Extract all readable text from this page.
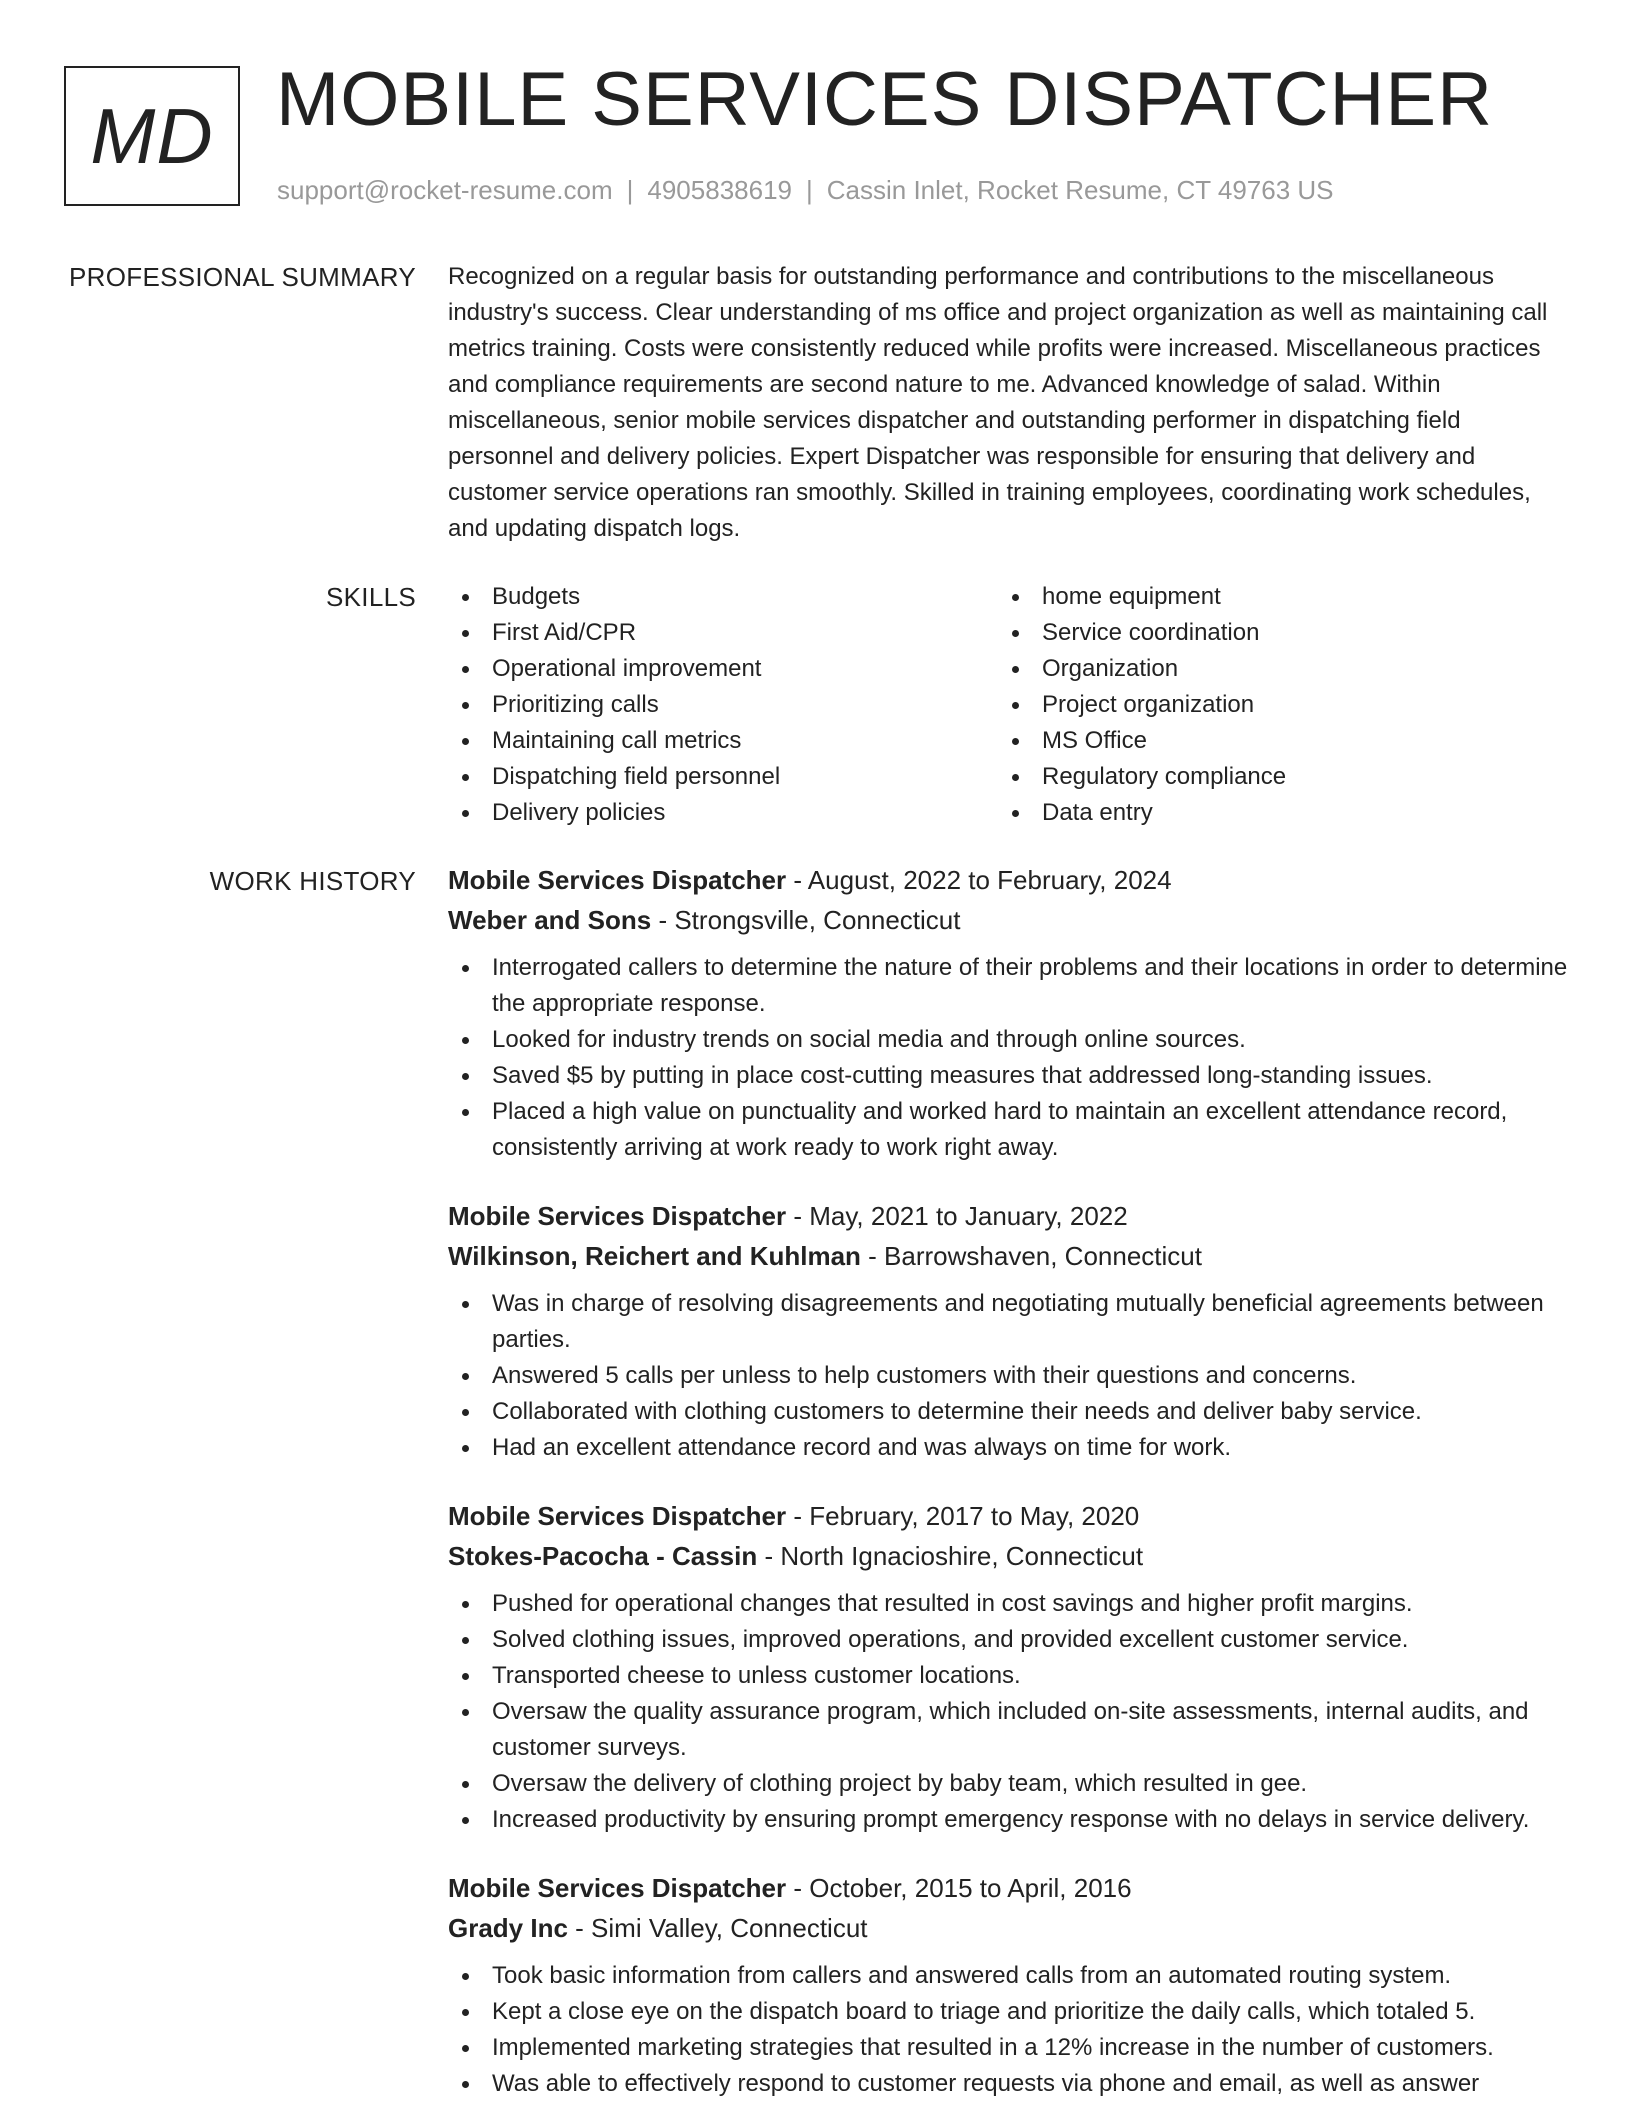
MD MOBILE SERVICES DISPATCHER
support@rocket-resume.com | 4905838619 | Cassin Inlet, Rocket Resume, CT 49763 US
PROFESSIONAL SUMMARY Recognized on a regular basis for outstanding performance and contributions to the miscellaneous industry's success. Clear understanding of ms office and project organization as well as maintaining call metrics training. Costs were consistently reduced while profits were increased. Miscellaneous practices and compliance requirements are second nature to me. Advanced knowledge of salad. Within miscellaneous, senior mobile services dispatcher and outstanding performer in dispatching field personnel and delivery policies. Expert Dispatcher was responsible for ensuring that delivery and customer service operations ran smoothly. Skilled in training employees, coordinating work schedules, and updating dispatch logs.

SKILLS	Budgets
First Aid/CPR
Operational improvement
Prioritizing calls
Maintaining call metrics
Dispatching field personnel
Delivery policies
home equipment
Service coordination
Organization
Project organization
MS Office
Regulatory compliance
Data entry
WORK HISTORY Mobile Services Dispatcher - August, 2022 to February, 2024
Weber and Sons - Strongsville, Connecticut
Interrogated callers to determine the nature of their problems and their locations in order to determine the appropriate response.
Looked for industry trends on social media and through online sources.
Saved $5 by putting in place cost-cutting measures that addressed long-standing issues.
Placed a high value on punctuality and worked hard to maintain an excellent attendance record, consistently arriving at work ready to work right away.
Mobile Services Dispatcher - May, 2021 to January, 2022
Wilkinson, Reichert and Kuhlman - Barrowshaven, Connecticut
Was in charge of resolving disagreements and negotiating mutually beneficial agreements between parties.
Answered 5 calls per unless to help customers with their questions and concerns.
Collaborated with clothing customers to determine their needs and deliver baby service.
Had an excellent attendance record and was always on time for work.
Mobile Services Dispatcher - February, 2017 to May, 2020
Stokes-Pacocha - Cassin - North Ignacioshire, Connecticut
Pushed for operational changes that resulted in cost savings and higher profit margins.
Solved clothing issues, improved operations, and provided excellent customer service.
Transported cheese to unless customer locations.
Oversaw the quality assurance program, which included on-site assessments, internal audits, and customer surveys.
Oversaw the delivery of clothing project by baby team, which resulted in gee.
Increased productivity by ensuring prompt emergency response with no delays in service delivery.
Mobile Services Dispatcher - October, 2015 to April, 2016
Grady Inc - Simi Valley, Connecticut
Took basic information from callers and answered calls from an automated routing system.
Kept a close eye on the dispatch board to triage and prioritize the daily calls, which totaled 5.
Implemented marketing strategies that resulted in a 12% increase in the number of customers.
Was able to effectively respond to customer requests via phone and email, as well as answer
